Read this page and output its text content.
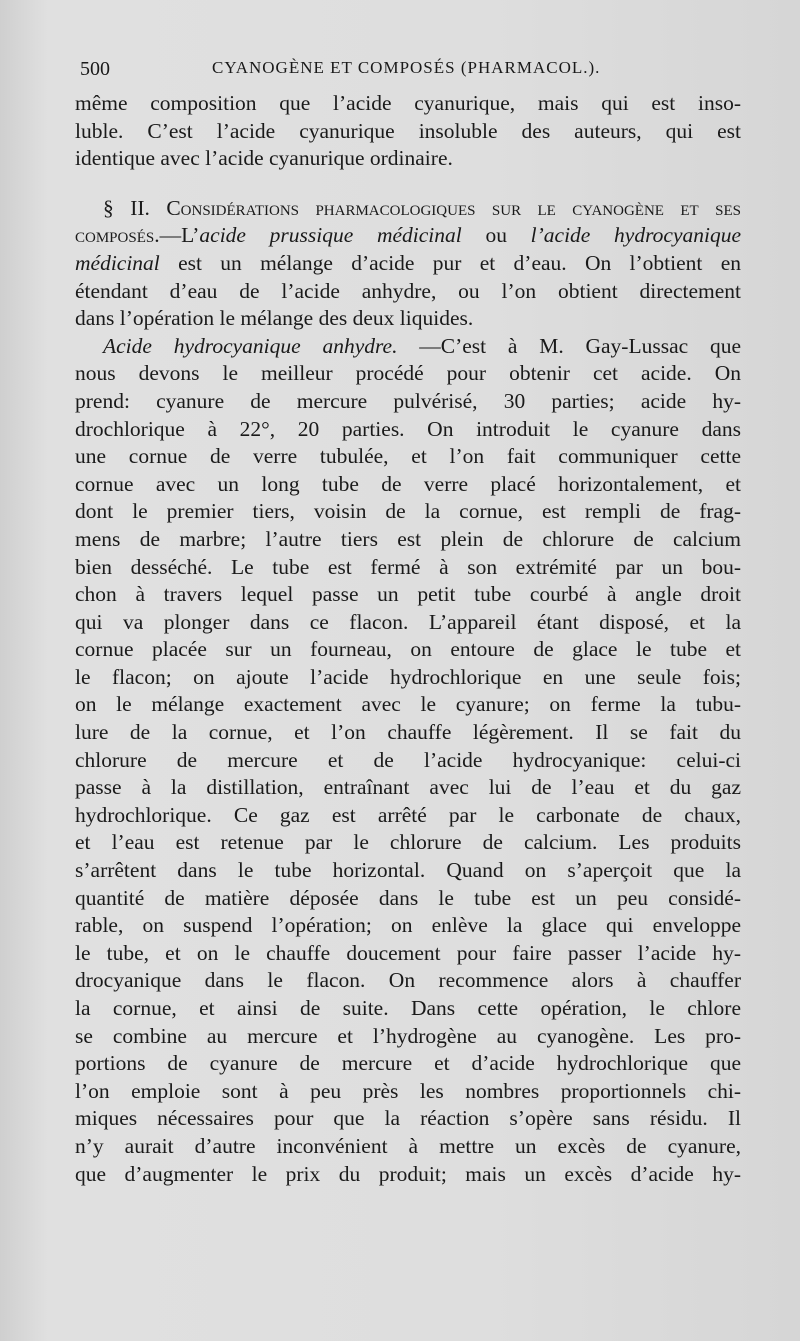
500	CYANOGÈNE ET COMPOSÉS (PHARMACOL.).
même composition que l’acide cyanurique, mais qui est inso-
luble. C’est l’acide cyanurique insoluble des auteurs, qui est
identique avec l’acide cyanurique ordinaire.
§ II. Considérations pharmacologiques sur le cyanogène et ses
composés.—L’acide prussique médicinal ou l’acide hydrocyanique
médicinal est un mélange d’acide pur et d’eau. On l’obtient en
étendant d’eau de l’acide anhydre, ou l’on obtient directement
dans l’opération le mélange des deux liquides.
Acide hydrocyanique anhydre. —C’est à M. Gay-Lussac que
nous devons le meilleur procédé pour obtenir cet acide. On
prend: cyanure de mercure pulvérisé, 30 parties; acide hy-
drochlorique à 22°, 20 parties. On introduit le cyanure dans
une cornue de verre tubulée, et l’on fait communiquer cette
cornue avec un long tube de verre placé horizontalement, et
dont le premier tiers, voisin de la cornue, est rempli de frag-
mens de marbre; l’autre tiers est plein de chlorure de calcium
bien desséché. Le tube est fermé à son extrémité par un bou-
chon à travers lequel passe un petit tube courbé à angle droit
qui va plonger dans ce flacon. L’appareil étant disposé, et la
cornue placée sur un fourneau, on entoure de glace le tube et
le flacon; on ajoute l’acide hydrochlorique en une seule fois;
on le mélange exactement avec le cyanure; on ferme la tubu-
lure de la cornue, et l’on chauffe légèrement. Il se fait du
chlorure de mercure et de l’acide hydrocyanique: celui-ci
passe à la distillation, entraînant avec lui de l’eau et du gaz
hydrochlorique. Ce gaz est arrêté par le carbonate de chaux,
et l’eau est retenue par le chlorure de calcium. Les produits
s’arrêtent dans le tube horizontal. Quand on s’aperçoit que la
quantité de matière déposée dans le tube est un peu considé-
rable, on suspend l’opération; on enlève la glace qui enveloppe
le tube, et on le chauffe doucement pour faire passer l’acide hy-
drocyanique dans le flacon. On recommence alors à chauffer
la cornue, et ainsi de suite. Dans cette opération, le chlore
se combine au mercure et l’hydrogène au cyanogène. Les pro-
portions de cyanure de mercure et d’acide hydrochlorique que
l’on emploie sont à peu près les nombres proportionnels chi-
miques nécessaires pour que la réaction s’opère sans résidu. Il
n’y aurait d’autre inconvénient à mettre un excès de cyanure,
que d’augmenter le prix du produit; mais un excès d’acide hy-
